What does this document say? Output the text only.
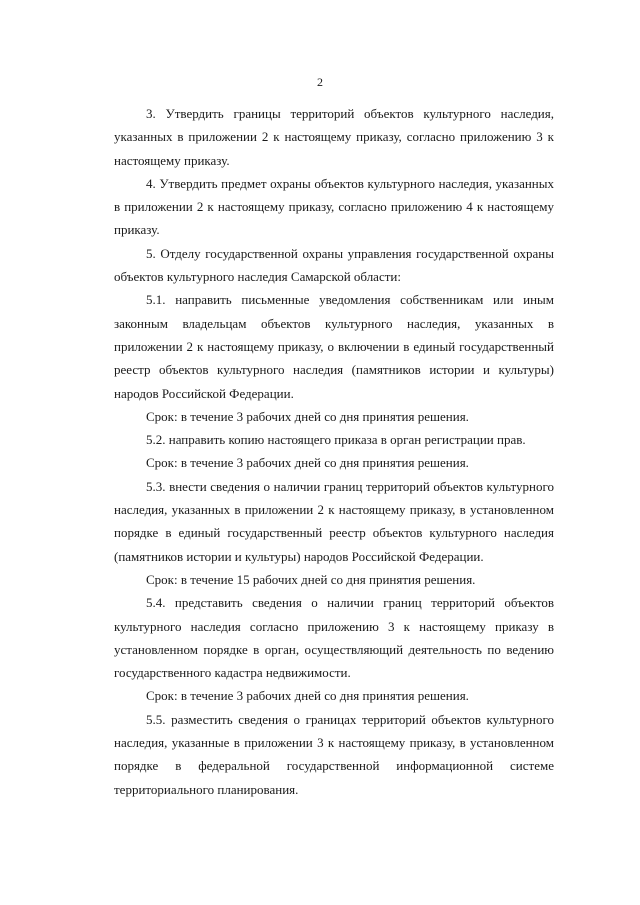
2

3. Утвердить границы территорий объектов культурного наследия, указанных в приложении 2 к настоящему приказу, согласно приложению 3 к настоящему приказу.

4. Утвердить предмет охраны объектов культурного наследия, указанных в приложении 2 к настоящему приказу, согласно приложению 4 к настоящему приказу.

5. Отделу государственной охраны управления государственной охраны объектов культурного наследия Самарской области:

5.1. направить письменные уведомления собственникам или иным законным владельцам объектов культурного наследия, указанных в приложении 2 к настоящему приказу, о включении в единый государственный реестр объектов культурного наследия (памятников истории и культуры) народов Российской Федерации.

Срок: в течение 3 рабочих дней со дня принятия решения.

5.2. направить копию настоящего приказа в орган регистрации прав.

Срок: в течение 3 рабочих дней со дня принятия решения.

5.3. внести сведения о наличии границ территорий объектов культурного наследия, указанных в приложении 2 к настоящему приказу, в установленном порядке в единый государственный реестр объектов культурного наследия (памятников истории и культуры) народов Российской Федерации.

Срок: в течение 15 рабочих дней со дня принятия решения.

5.4. представить сведения о наличии границ территорий объектов культурного наследия согласно приложению 3 к настоящему приказу в установленном порядке в орган, осуществляющий деятельность по ведению государственного кадастра недвижимости.

Срок: в течение 3 рабочих дней со дня принятия решения.

5.5. разместить сведения о границах территорий объектов культурного наследия, указанные в приложении 3 к настоящему приказу, в установленном порядке в федеральной государственной информационной системе территориального планирования.
